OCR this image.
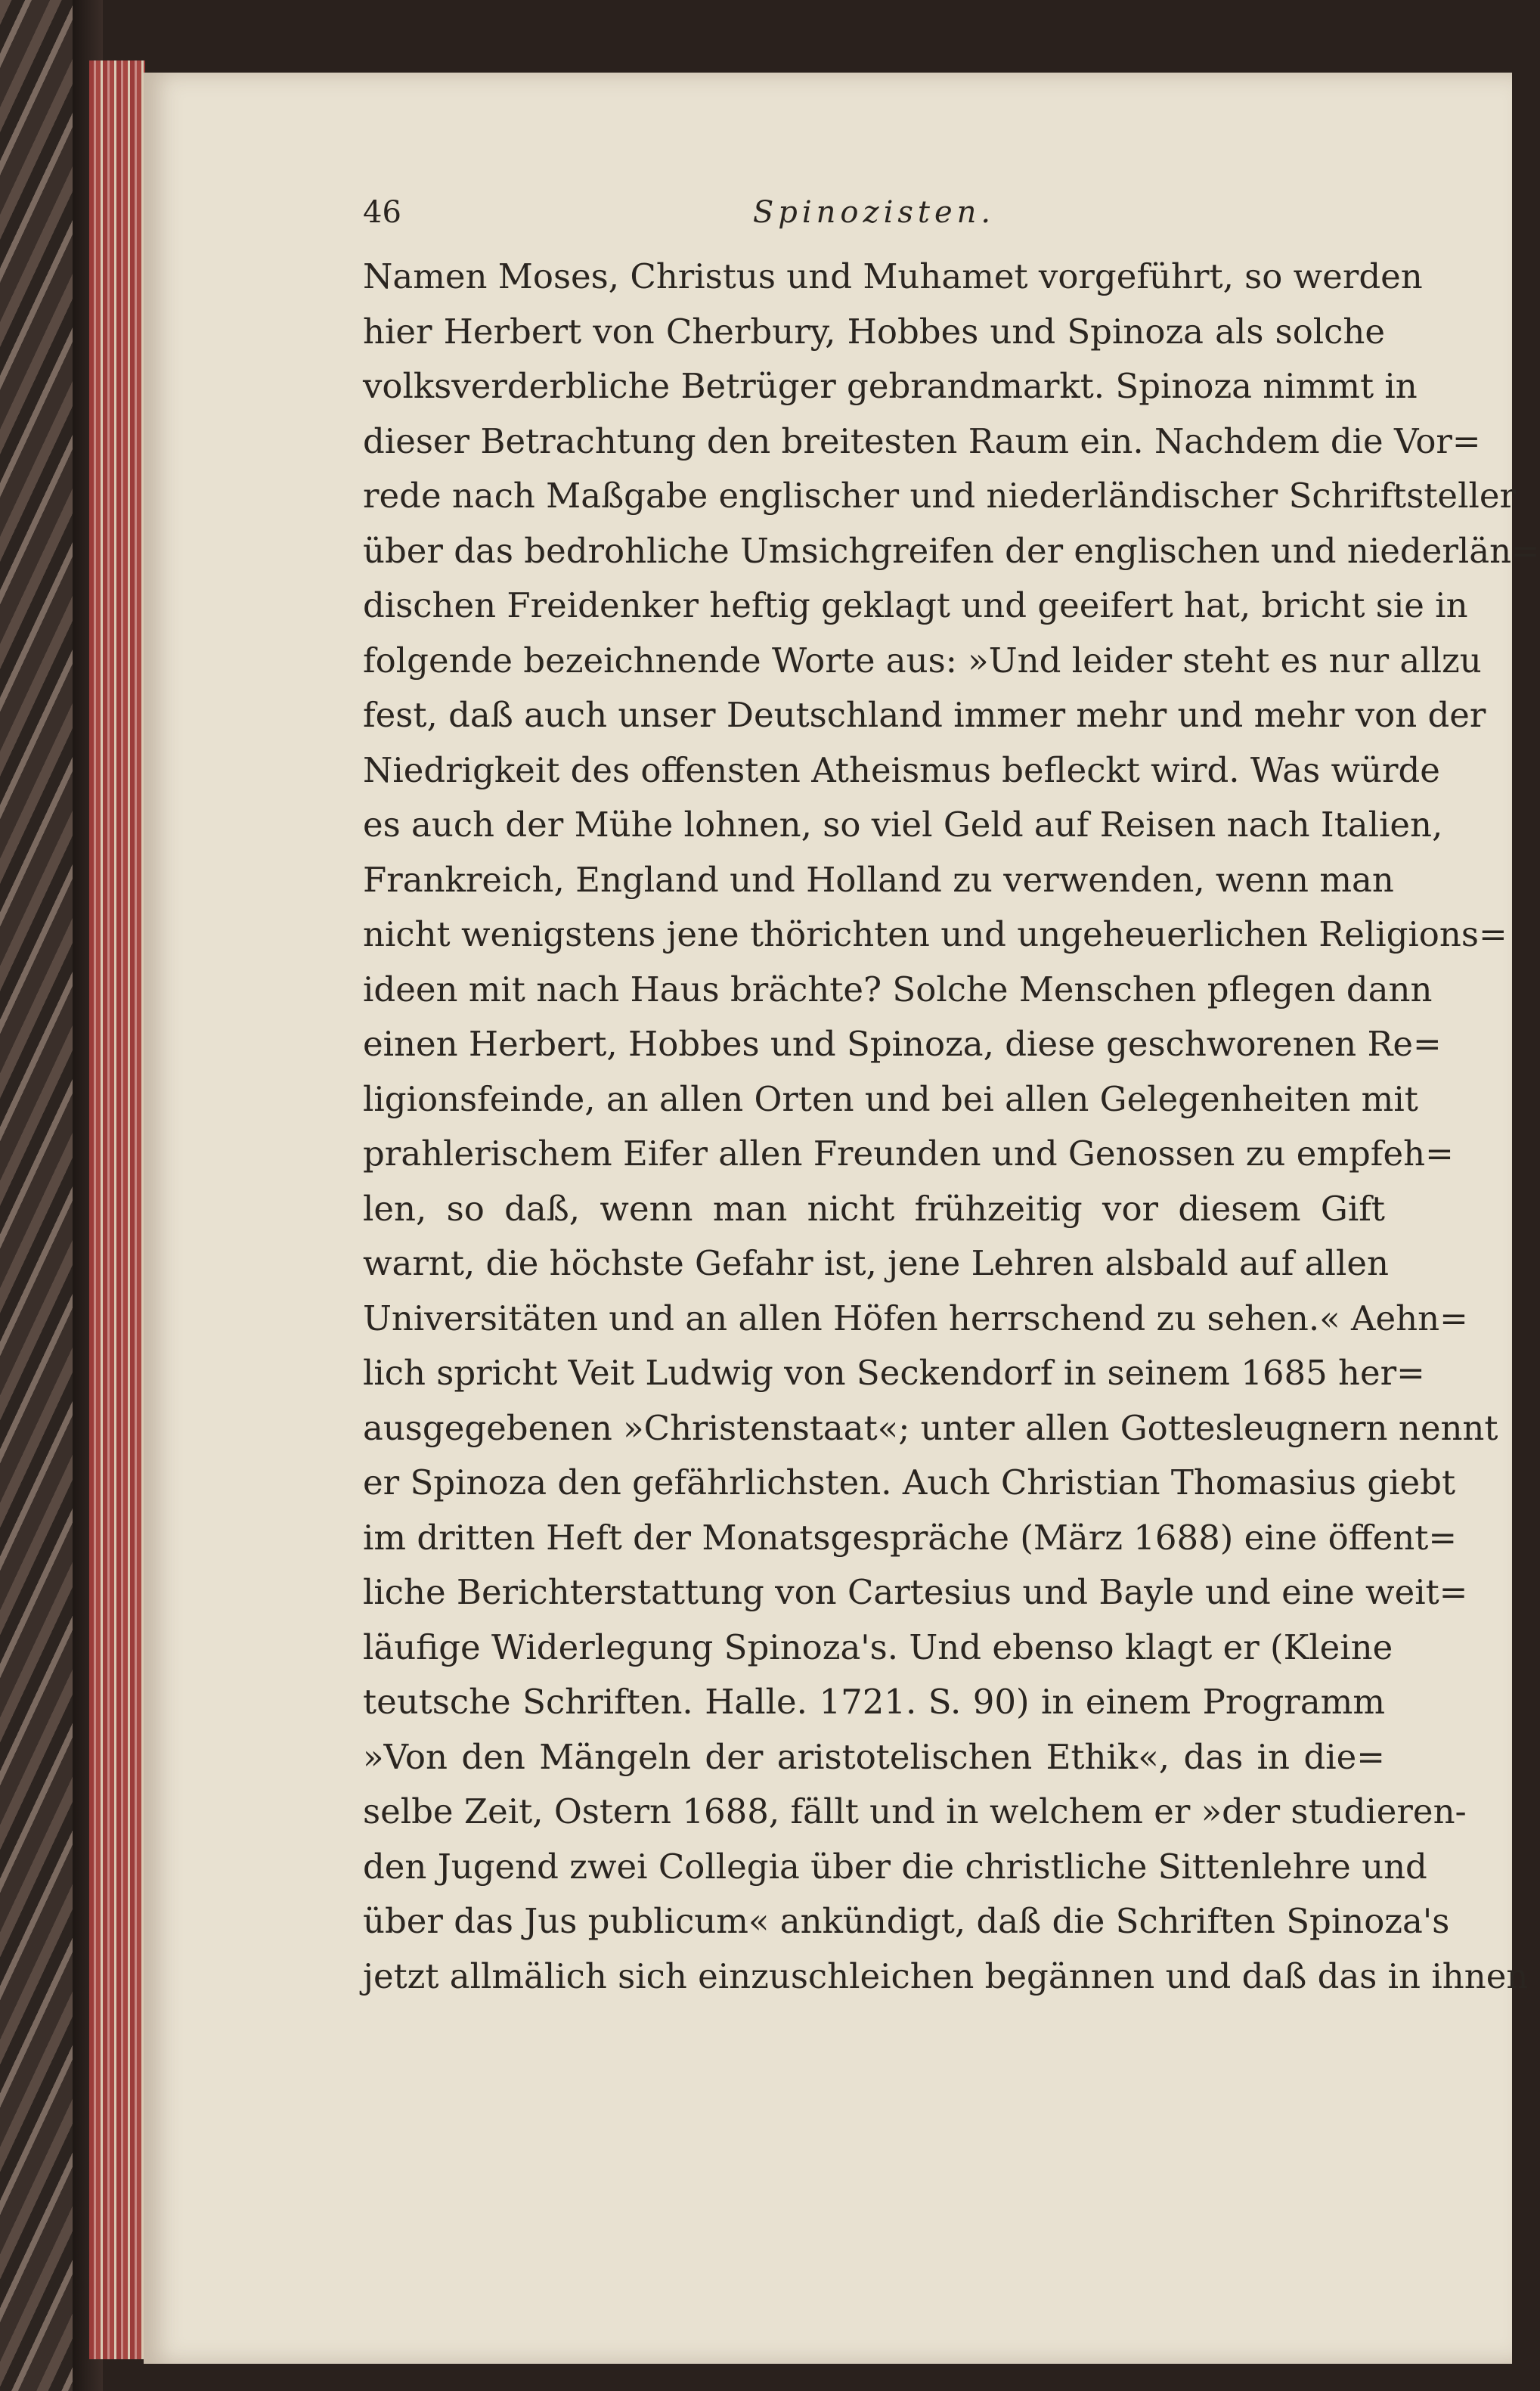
46	Spinozisten.
Namen Moses, Christus und Muhamet vorgeführt, so werden
hier Herbert von Cherbury, Hobbes und Spinoza als solche
volksverderbliche Betrüger gebrandmarkt. Spinoza nimmt in
dieser Betrachtung den breitesten Raum ein. Nachdem die Vor=
rede nach Maßgabe englischer und niederländischer Schriftsteller
über das bedrohliche Umsichgreifen der englischen und niederlän=
dischen Freidenker heftig geklagt und geeifert hat, bricht sie in
folgende bezeichnende Worte aus: »Und leider steht es nur allzu
fest, daß auch unser Deutschland immer mehr und mehr von der
Niedrigkeit des offensten Atheismus befleckt wird. Was würde
es auch der Mühe lohnen, so viel Geld auf Reisen nach Italien,
Frankreich, England und Holland zu verwenden, wenn man
nicht wenigstens jene thörichten und ungeheuerlichen Religions=
ideen mit nach Haus brächte? Solche Menschen pflegen dann
einen Herbert, Hobbes und Spinoza, diese geschworenen Re=
ligionsfeinde, an allen Orten und bei allen Gelegenheiten mit
prahlerischem Eifer allen Freunden und Genossen zu empfeh=
len, so daß, wenn man nicht frühzeitig vor diesem Gift
warnt, die höchste Gefahr ist, jene Lehren alsbald auf allen
Universitäten und an allen Höfen herrschend zu sehen.« Aehn=
lich spricht Veit Ludwig von Seckendorf in seinem 1685 her=
ausgegebenen »Christenstaat«; unter allen Gottesleugnern nennt
er Spinoza den gefährlichsten. Auch Christian Thomasius giebt
im dritten Heft der Monatsgespräche (März 1688) eine öffent=
liche Berichterstattung von Cartesius und Bayle und eine weit=
läufige Widerlegung Spinoza's. Und ebenso klagt er (Kleine
teutsche Schriften. Halle. 1721. S. 90) in einem Programm
»Von den Mängeln der aristotelischen Ethik«, das in die=
selbe Zeit, Ostern 1688, fällt und in welchem er »der studieren-
den Jugend zwei Collegia über die christliche Sittenlehre und
über das Jus publicum« ankündigt, daß die Schriften Spinoza's
jetzt allmälich sich einzuschleichen begännen und daß das in ihnen
